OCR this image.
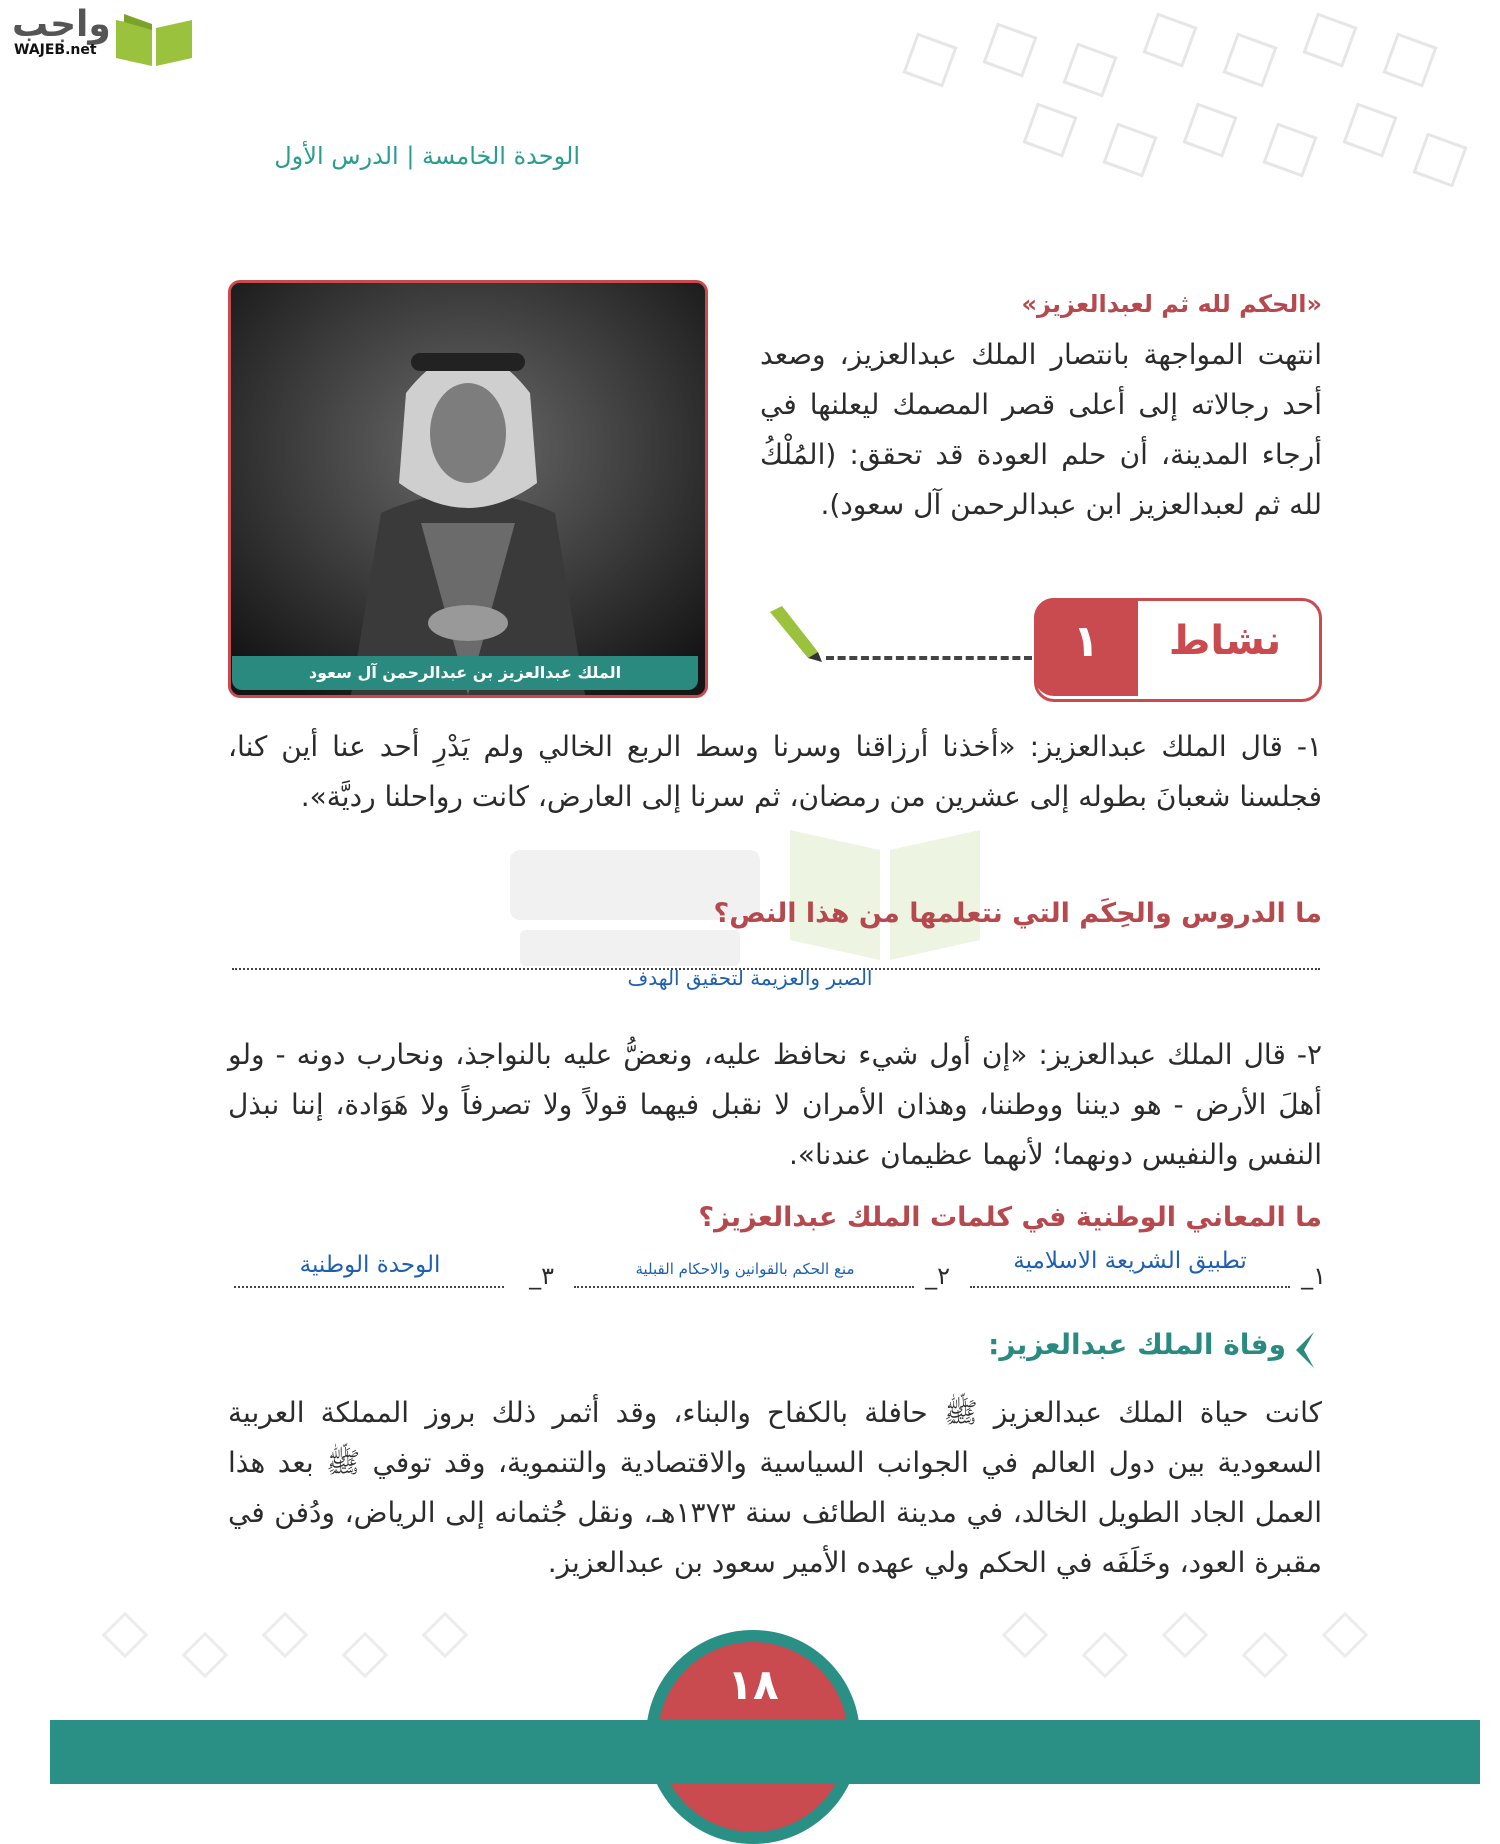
واجب
WAJEB.net
الوحدة الخامسة | الدرس الأول
الملك عبدالعزيز بن عبدالرحمن آل سعود
«الحكم لله ثم لعبدالعزيز»
انتهت المواجهة بانتصار الملك عبدالعزيز، وصعد أحد رجالاته إلى أعلى قصر المصمك ليعلنها في أرجاء المدينة، أن حلم العودة قد تحقق: (المُلْكُ لله ثم لعبدالعزيز ابن عبدالرحمن آل سعود).
١	نشاط
١- قال الملك عبدالعزيز: «أخذنا أرزاقنا وسرنا وسط الربع الخالي ولم يَدْرِ أحد عنا أين كنا، فجلسنا شعبانَ بطوله إلى عشرين من رمضان، ثم سرنا إلى العارض، كانت رواحلنا رديَّة».
ما الدروس والحِكَم التي نتعلمها من هذا النص؟
الصبر والعزيمة لتحقيق الهدف
٢- قال الملك عبدالعزيز: «إن أول شيء نحافظ عليه، ونعضُّ عليه بالنواجذ، ونحارب دونه - ولو أهلَ الأرض - هو ديننا ووطننا، وهذان الأمران لا نقبل فيهما قولاً ولا تصرفاً ولا هَوَادة، إننا نبذل النفس والنفيس دونهما؛ لأنهما عظيمان عندنا».
ما المعاني الوطنية في كلمات الملك عبدالعزيز؟
١_
تطبيق الشريعة الاسلامية
٢_
منع الحكم بالقوانين والاحكام القبلية
٣_
الوحدة الوطنية
وفاة الملك عبدالعزيز:
كانت حياة الملك عبدالعزيز ﷺ حافلة بالكفاح والبناء، وقد أثمر ذلك بروز المملكة العربية السعودية بين دول العالم في الجوانب السياسية والاقتصادية والتنموية، وقد توفي ﷺ بعد هذا العمل الجاد الطويل الخالد، في مدينة الطائف سنة ١٣٧٣هـ، ونقل جُثمانه إلى الرياض، ودُفن في مقبرة العود، وخَلَفَه في الحكم ولي عهده الأمير سعود بن عبدالعزيز.
١٨
